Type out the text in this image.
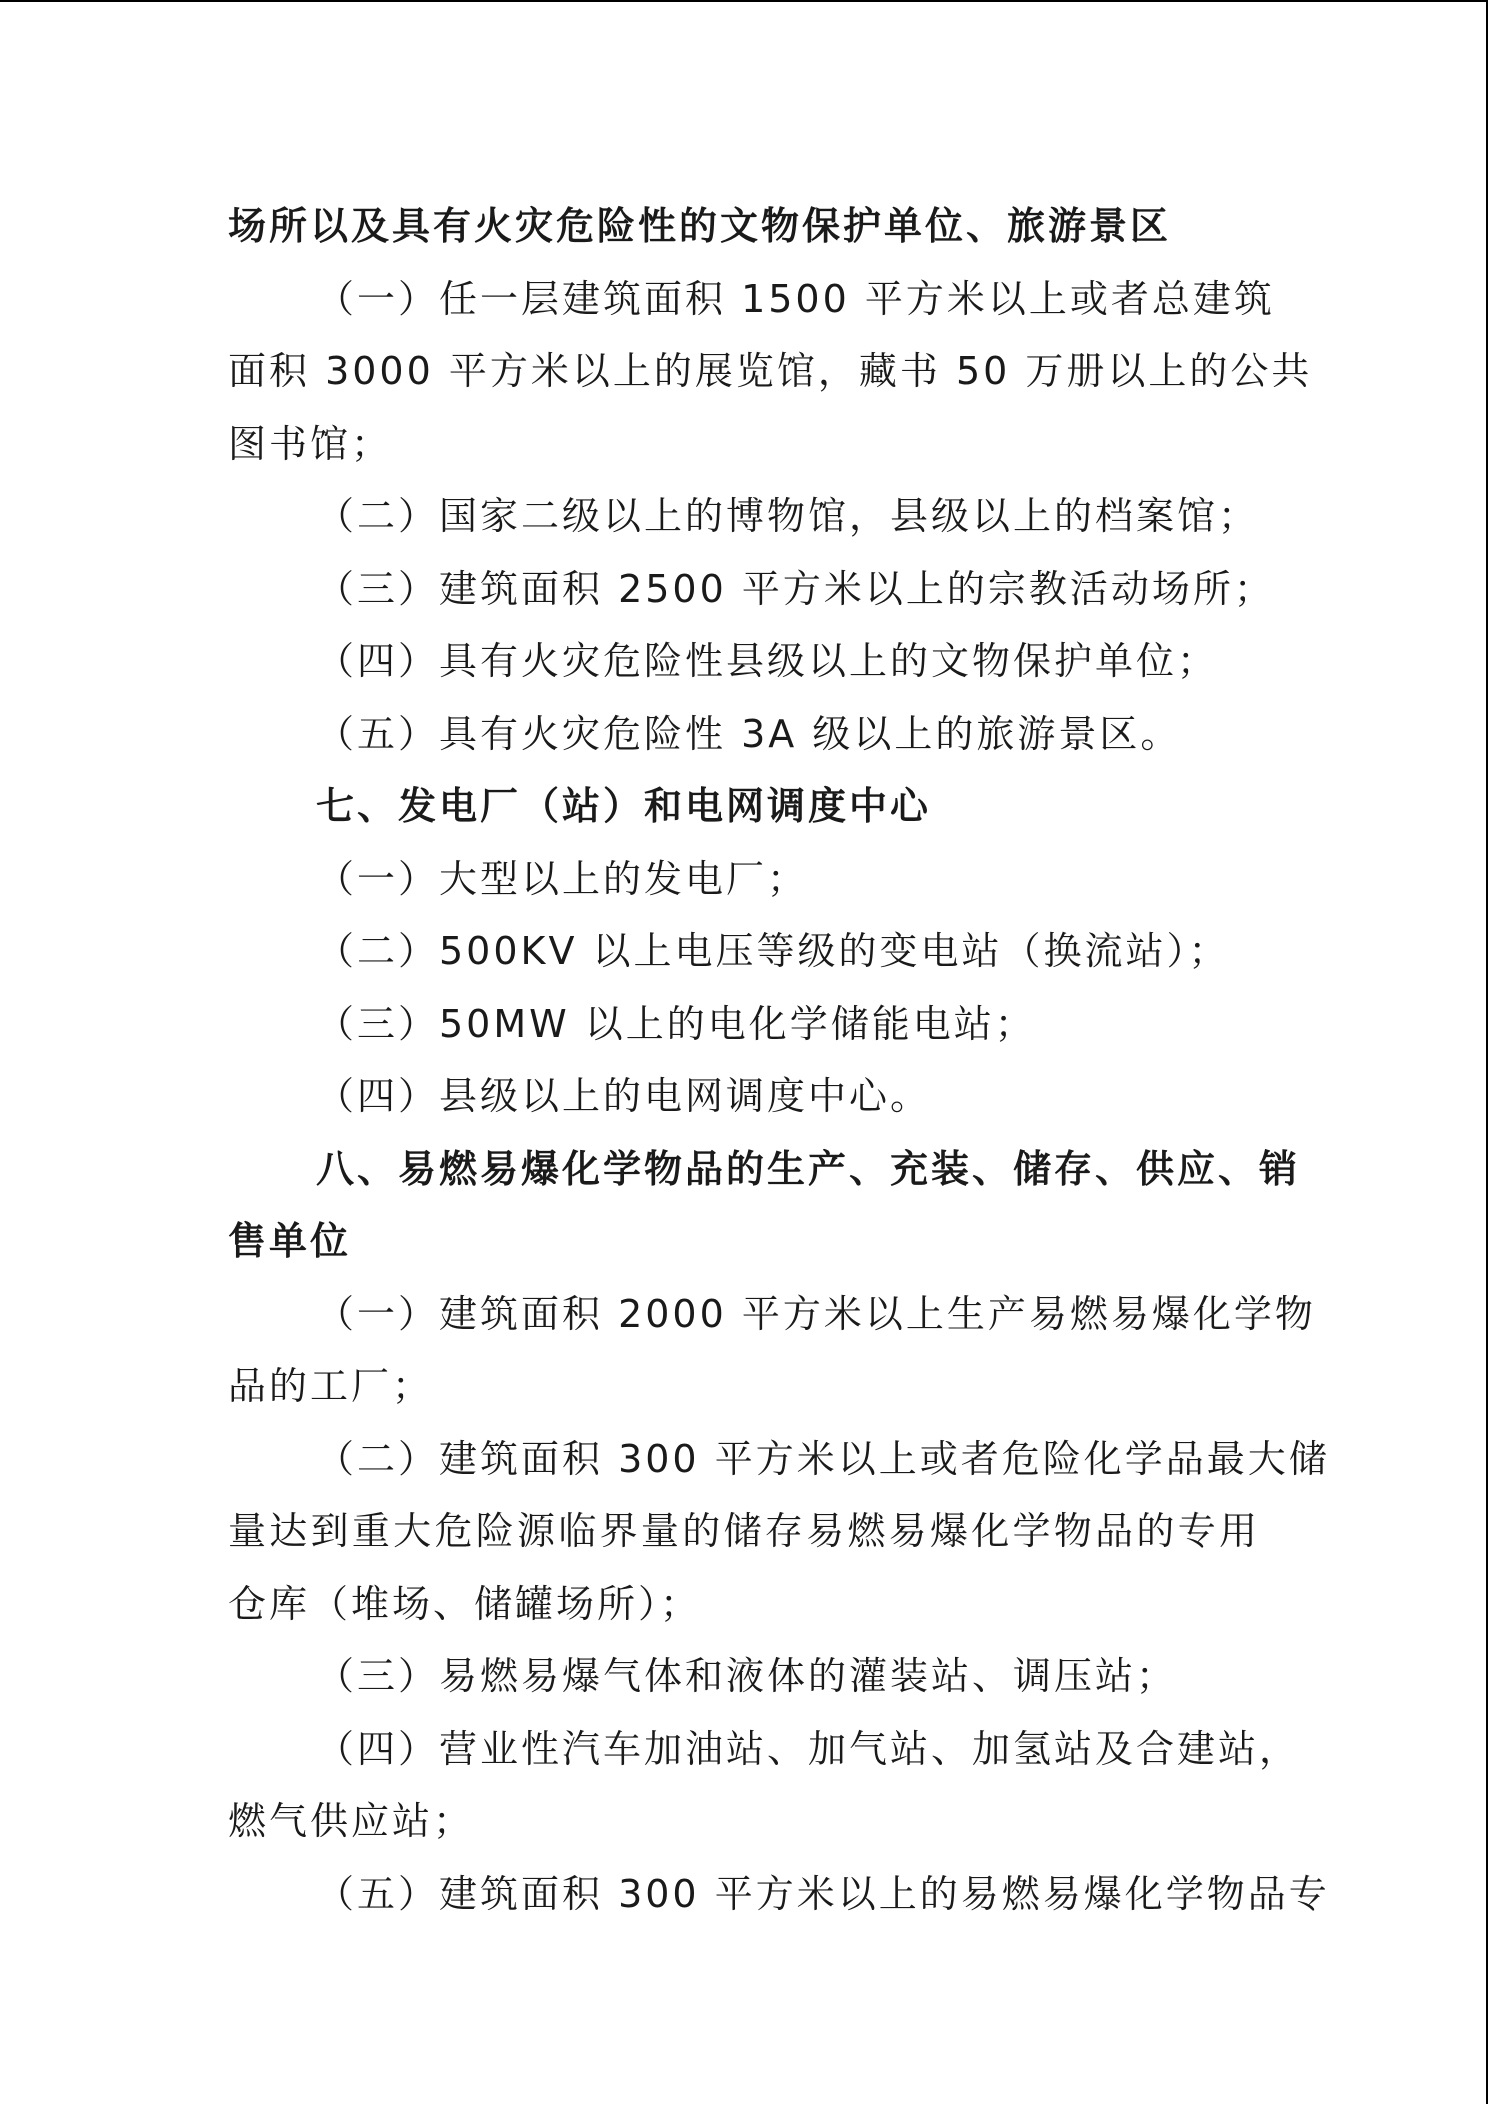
场所以及具有火灾危险性的文物保护单位、旅游景区
（一）任一层建筑面积 1500 平方米以上或者总建筑
面积 3000 平方米以上的展览馆，藏书 50 万册以上的公共
图书馆；
（二）国家二级以上的博物馆，县级以上的档案馆；
（三）建筑面积 2500 平方米以上的宗教活动场所；
（四）具有火灾危险性县级以上的文物保护单位；
（五）具有火灾危险性 3A 级以上的旅游景区。
七、发电厂（站）和电网调度中心
（一）大型以上的发电厂；
（二）500KV 以上电压等级的变电站（换流站）；
（三）50MW 以上的电化学储能电站；
（四）县级以上的电网调度中心。
八、易燃易爆化学物品的生产、充装、储存、供应、销
售单位
（一）建筑面积 2000 平方米以上生产易燃易爆化学物
品的工厂；
（二）建筑面积 300 平方米以上或者危险化学品最大储
量达到重大危险源临界量的储存易燃易爆化学物品的专用
仓库（堆场、储罐场所）；
（三）易燃易爆气体和液体的灌装站、调压站；
（四）营业性汽车加油站、加气站、加氢站及合建站，
燃气供应站；
（五）建筑面积 300 平方米以上的易燃易爆化学物品专
